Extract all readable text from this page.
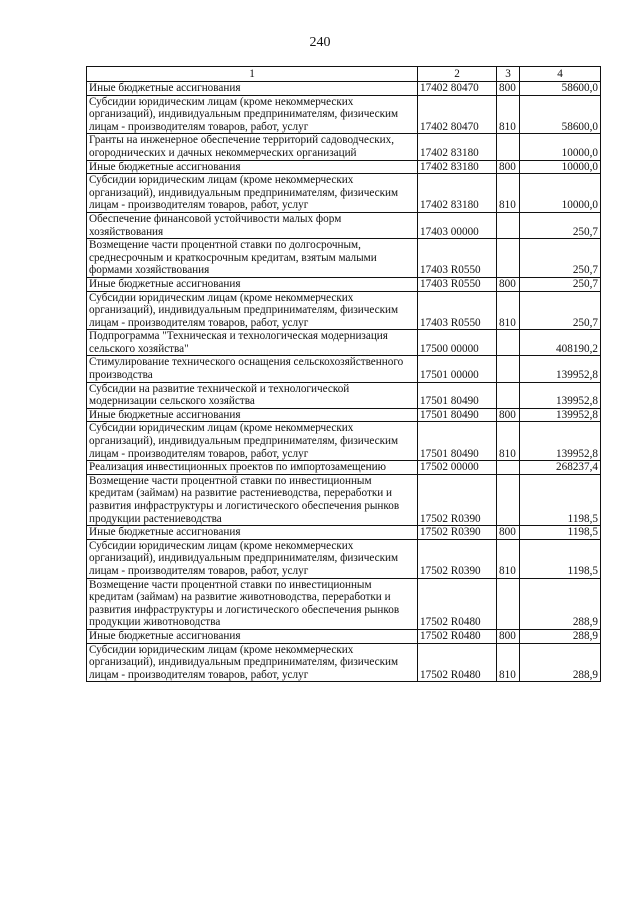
240
1	2	3	4
Иные бюджетные ассигнования	17402 80470	800	58600,0
Субсидии юридическим лицам (кроме некоммерческих организаций), индивидуальным предпринимателям, физическим лицам - производителям товаров, работ, услуг	17402 80470	810	58600,0
Гранты на инженерное обеспечение территорий садоводческих, огороднических и дачных некоммерческих организаций	17402 83180		10000,0
Иные бюджетные ассигнования	17402 83180	800	10000,0
Субсидии юридическим лицам (кроме некоммерческих организаций), индивидуальным предпринимателям, физическим лицам - производителям товаров, работ, услуг	17402 83180	810	10000,0
Обеспечение финансовой устойчивости малых форм хозяйствования	17403 00000		250,7
Возмещение части процентной ставки по долгосрочным, среднесрочным и краткосрочным кредитам, взятым малыми формами хозяйствования	17403 R0550		250,7
Иные бюджетные ассигнования	17403 R0550	800	250,7
Субсидии юридическим лицам (кроме некоммерческих организаций), индивидуальным предпринимателям, физическим лицам - производителям товаров, работ, услуг	17403 R0550	810	250,7
Подпрограмма "Техническая и технологическая модернизация сельского хозяйства"	17500 00000		408190,2
Стимулирование технического оснащения сельскохозяйственного производства	17501 00000		139952,8
Субсидии на развитие технической и технологической модернизации сельского хозяйства	17501 80490		139952,8
Иные бюджетные ассигнования	17501 80490	800	139952,8
Субсидии юридическим лицам (кроме некоммерческих организаций), индивидуальным предпринимателям, физическим лицам - производителям товаров, работ, услуг	17501 80490	810	139952,8
Реализация инвестиционных проектов по импортозамещению	17502 00000		268237,4
Возмещение части процентной ставки по инвестиционным кредитам (займам) на развитие растениеводства, переработки и развития инфраструктуры и логистического обеспечения рынков продукции растениеводства	17502 R0390		1198,5
Иные бюджетные ассигнования	17502 R0390	800	1198,5
Субсидии юридическим лицам (кроме некоммерческих организаций), индивидуальным предпринимателям, физическим лицам - производителям товаров, работ, услуг	17502 R0390	810	1198,5
Возмещение части процентной ставки по инвестиционным кредитам (займам) на развитие животноводства, переработки и развития инфраструктуры и логистического обеспечения рынков продукции животноводства	17502 R0480		288,9
Иные бюджетные ассигнования	17502 R0480	800	288,9
Субсидии юридическим лицам (кроме некоммерческих организаций), индивидуальным предпринимателям, физическим лицам - производителям товаров, работ, услуг	17502 R0480	810	288,9
